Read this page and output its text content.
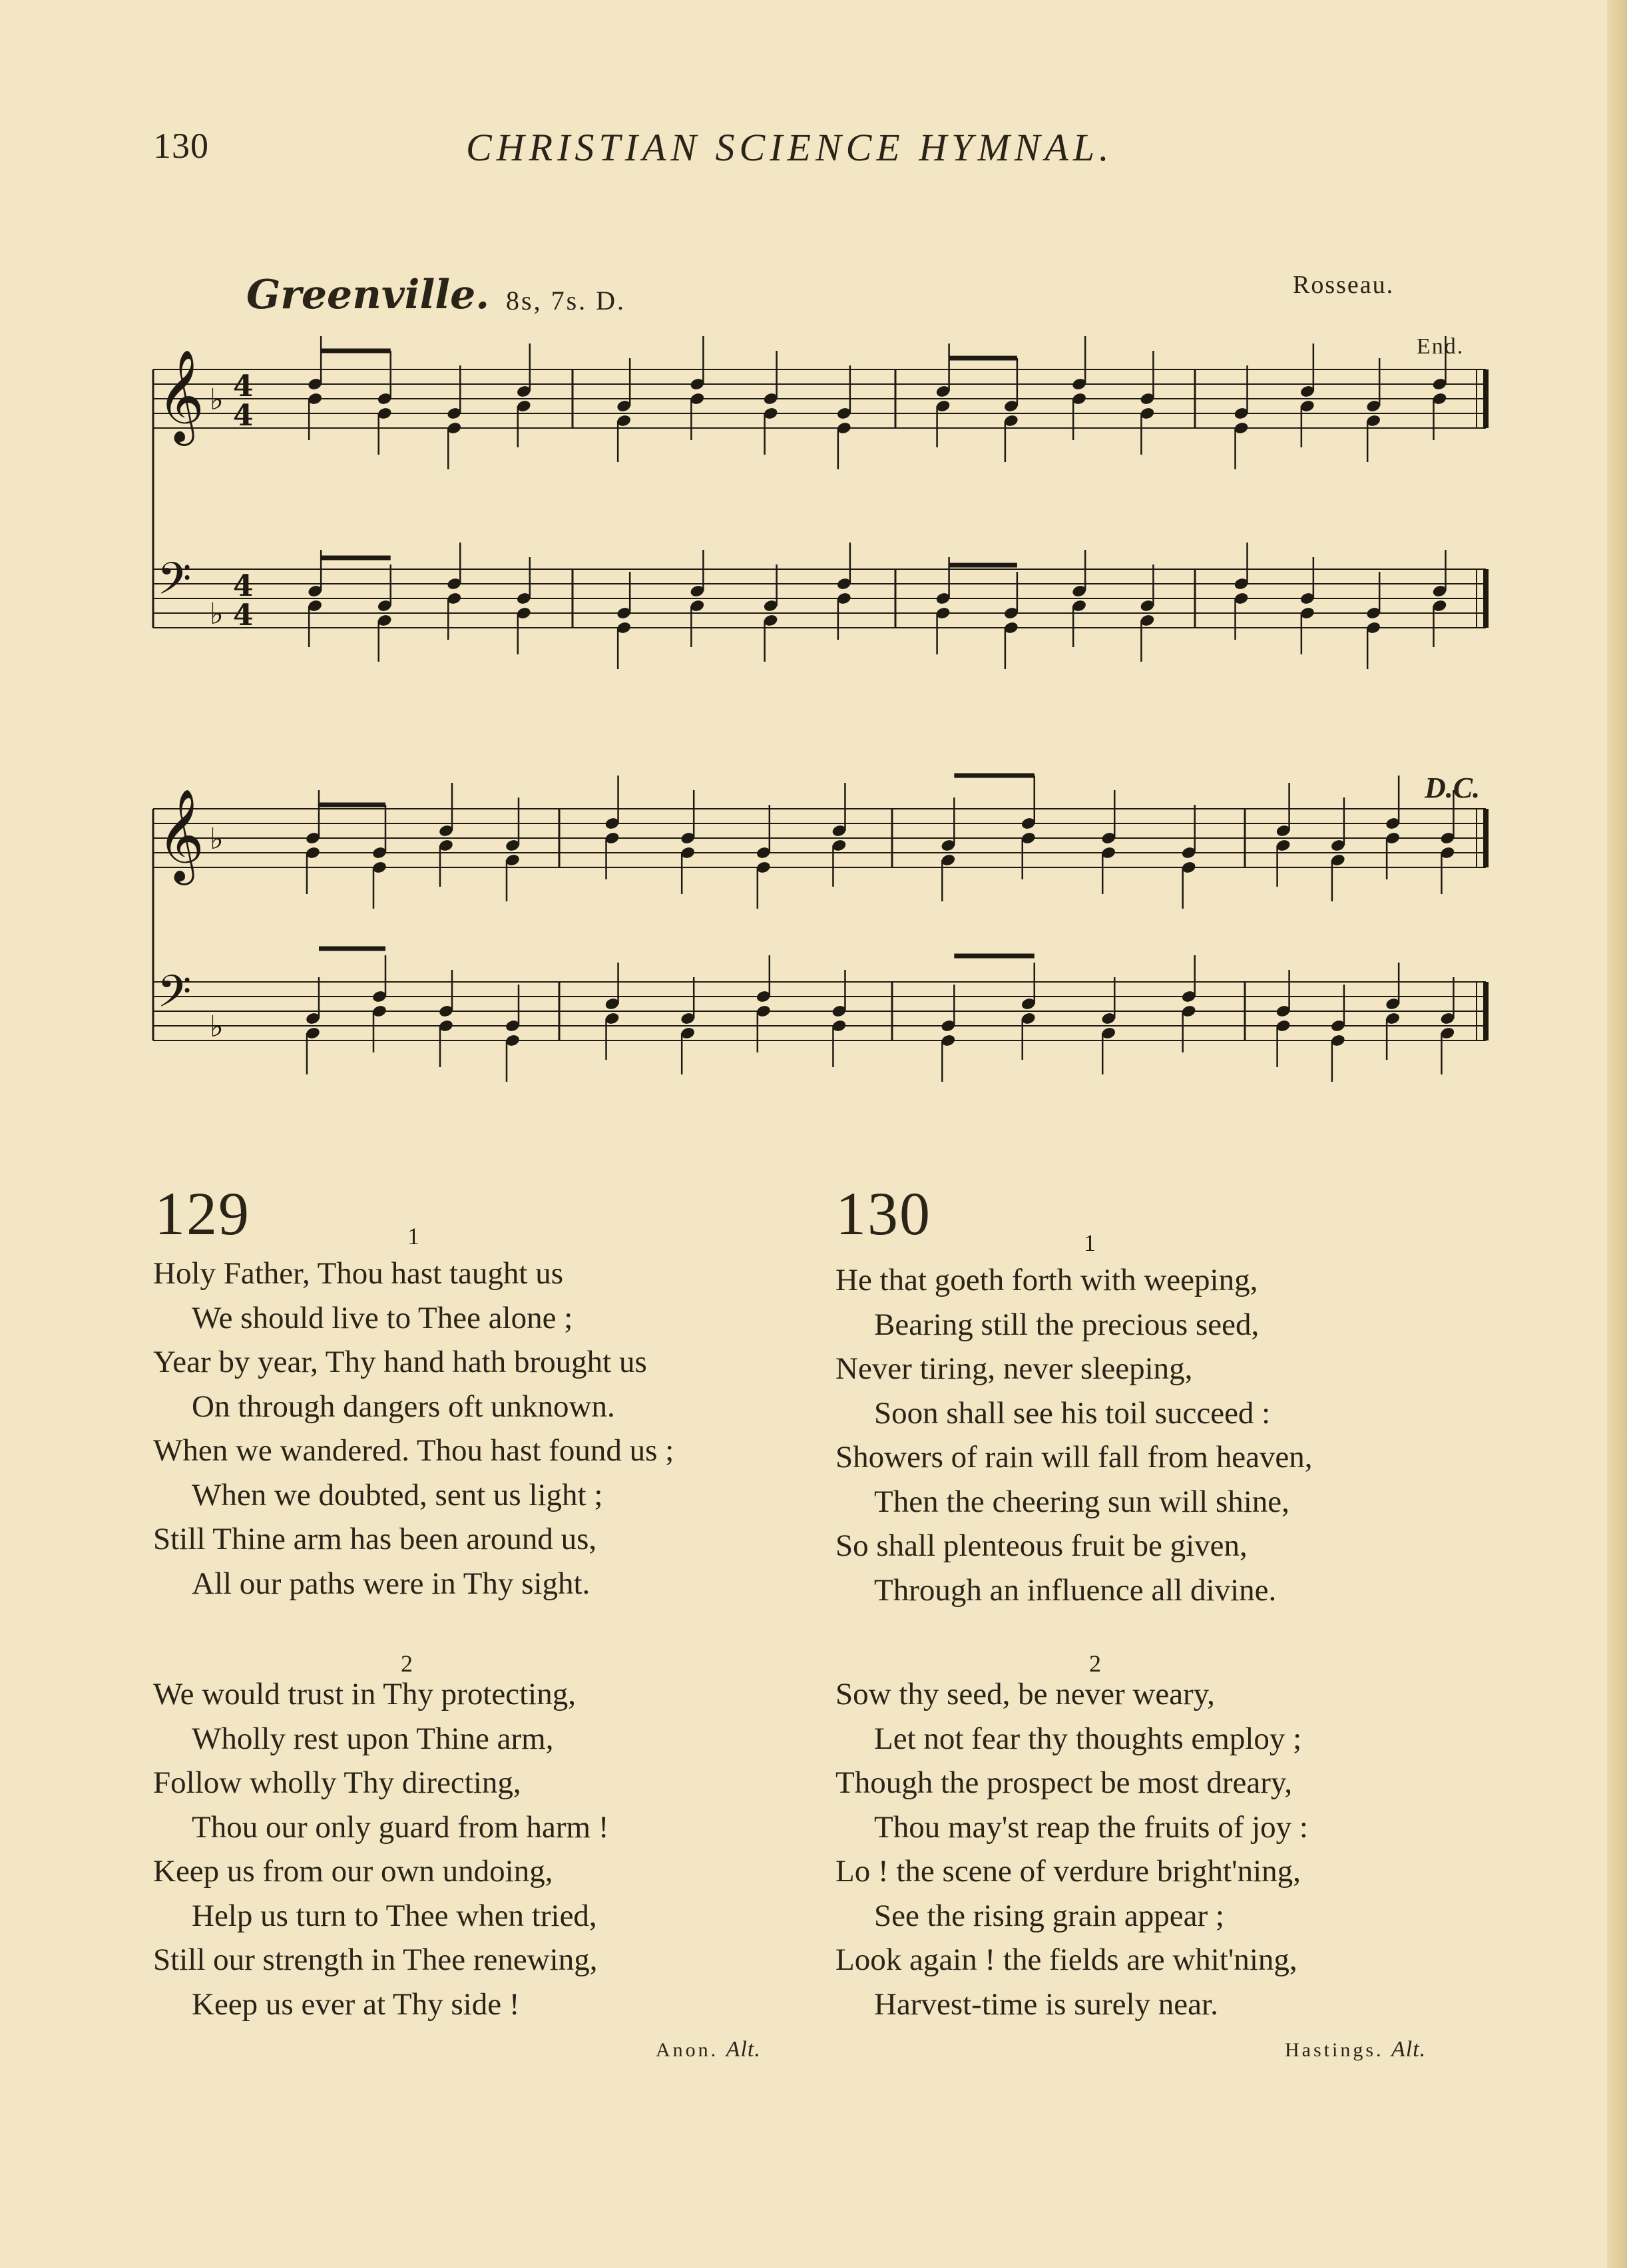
130	CHRISTIAN SCIENCE HYMNAL.
Greenville. 8s, 7s. D.
Rosseau.
End.
D.C.
𝄞 ♭ 4
4
𝄢 ♭
4
4
𝄞 ♭
𝄢 ♭
129	1
Holy Father, Thou hast taught us
We should live to Thee alone ;
Year by year, Thy hand hath brought us
On through dangers oft unknown.
When we wandered. Thou hast found us ;
When we doubted, sent us light ;
Still Thine arm has been around us,
All our paths were in Thy sight.
2
We would trust in Thy protecting,
Wholly rest upon Thine arm,
Follow wholly Thy directing,
Thou our only guard from harm !
Keep us from our own undoing,
Help us turn to Thee when tried,
Still our strength in Thee renewing,
Keep us ever at Thy side !
Anon. Alt.
130	1
He that goeth forth with weeping,
Bearing still the precious seed,
Never tiring, never sleeping,
Soon shall see his toil succeed :
Showers of rain will fall from heaven,
Then the cheering sun will shine,
So shall plenteous fruit be given,
Through an influence all divine.
2
Sow thy seed, be never weary,
Let not fear thy thoughts employ ;
Though the prospect be most dreary,
Thou may'st reap the fruits of joy :
Lo ! the scene of verdure bright'ning,
See the rising grain appear ;
Look again ! the fields are whit'ning,
Harvest-time is surely near.
Hastings. Alt.
